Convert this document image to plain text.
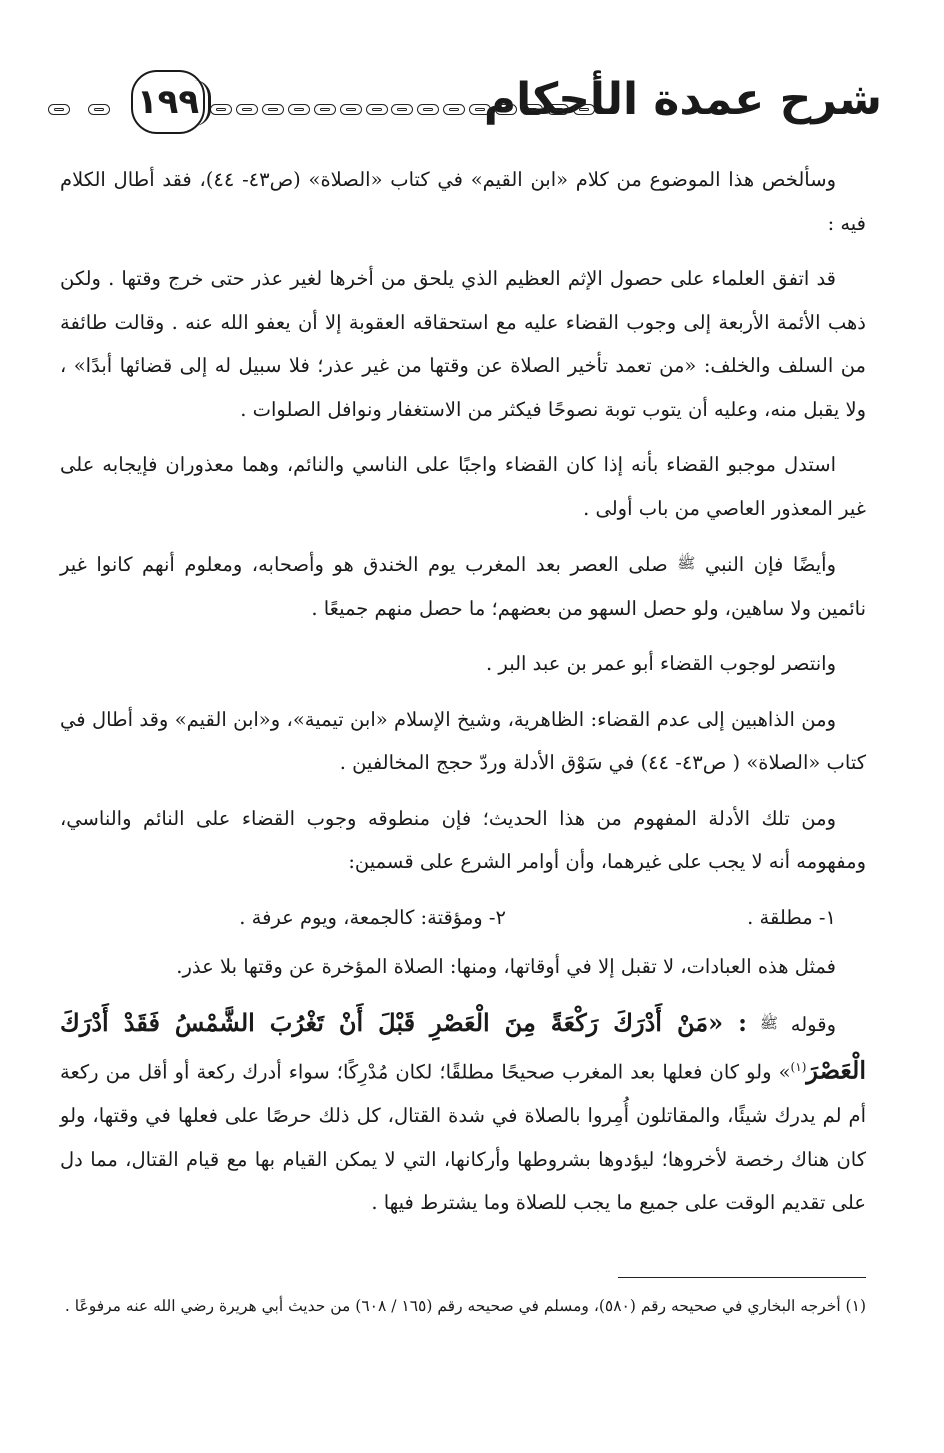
شرح عمدة الأحكام
١٩٩

وسألخص هذا الموضوع من كلام «ابن القيم» في كتاب «الصلاة» (ص٤٣- ٤٤)، فقد أطال الكلام فيه :

قد اتفق العلماء على حصول الإثم العظيم الذي يلحق من أخرها لغير عذر حتى خرج وقتها . ولكن ذهب الأئمة الأربعة إلى وجوب القضاء عليه مع استحقاقه العقوبة إلا أن يعفو الله عنه . وقالت طائفة من السلف والخلف: «من تعمد تأخير الصلاة عن وقتها من غير عذر؛ فلا سبيل له إلى قضائها أبدًا» ، ولا يقبل منه، وعليه أن يتوب توبة نصوحًا فيكثر من الاستغفار ونوافل الصلوات .

استدل موجبو القضاء بأنه إذا كان القضاء واجبًا على الناسي والنائم، وهما معذوران فإيجابه على غير المعذور العاصي من باب أولى .

وأيضًا فإن النبي ﷺ صلى العصر بعد المغرب يوم الخندق هو وأصحابه، ومعلوم أنهم كانوا غير نائمين ولا ساهين، ولو حصل السهو من بعضهم؛ ما حصل منهم جميعًا .

وانتصر لوجوب القضاء أبو عمر بن عبد البر .

ومن الذاهبين إلى عدم القضاء: الظاهرية، وشيخ الإسلام «ابن تيمية»، و«ابن القيم» وقد أطال في كتاب «الصلاة» ( ص٤٣- ٤٤) في سَوْق الأدلة وردّ حجج المخالفين .

ومن تلك الأدلة المفهوم من هذا الحديث؛ فإن منطوقه وجوب القضاء على النائم والناسي، ومفهومه أنه لا يجب على غيرهما، وأن أوامر الشرع على قسمين:

١- مطلقة .
٢- ومؤقتة: كالجمعة، ويوم عرفة .

فمثل هذه العبادات، لا تقبل إلا في أوقاتها، ومنها: الصلاة المؤخرة عن وقتها بلا عذر.

وقوله ﷺ : «مَنْ أَدْرَكَ رَكْعَةً مِنَ الْعَصْرِ قَبْلَ أَنْ تَغْرُبَ الشَّمْسُ فَقَدْ أَدْرَكَ الْعَصْرَ$^{(١)}$» ولو كان فعلها بعد المغرب صحيحًا مطلقًا؛ لكان مُدْرِكًا؛ سواء أدرك ركعة أو أقل من ركعة أم لم يدرك شيئًا، والمقاتلون أُمِروا بالصلاة في شدة القتال، كل ذلك حرصًا على فعلها في وقتها، ولو كان هناك رخصة لأخروها؛ ليؤدوها بشروطها وأركانها، التي لا يمكن القيام بها مع قيام القتال، مما دل على تقديم الوقت على جميع ما يجب للصلاة وما يشترط فيها .

(١) أخرجه البخاري في صحيحه رقم (٥٨٠)، ومسلم في صحيحه رقم (١٦٥ / ٦٠٨) من حديث أبي هريرة رضي الله عنه مرفوعًا .
